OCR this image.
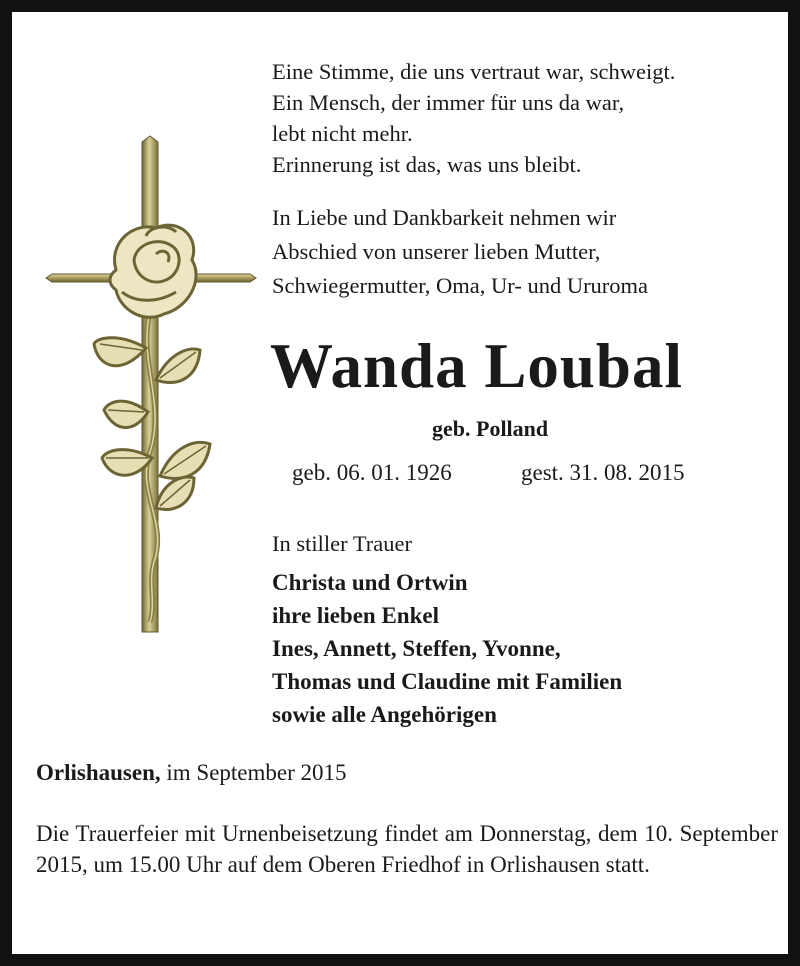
Eine Stimme, die uns vertraut war, schweigt.
Ein Mensch, der immer für uns da war,
lebt nicht mehr.
Erinnerung ist das, was uns bleibt.
In Liebe und Dankbarkeit nehmen wir
Abschied von unserer lieben Mutter,
Schwiegermutter, Oma, Ur- und Ururoma
Wanda Loubal
geb. Polland
geb. 06. 01. 1926	gest. 31. 08. 2015
In stiller Trauer
Christa und Ortwin
ihre lieben Enkel
Ines, Annett, Steffen, Yvonne,
Thomas und Claudine mit Familien
sowie alle Angehörigen
Orlishausen, im September 2015
Die Trauerfeier mit Urnenbeisetzung findet am Donnerstag, dem 10. September 2015, um 15.00 Uhr auf dem Oberen Friedhof in Orlishausen statt.
